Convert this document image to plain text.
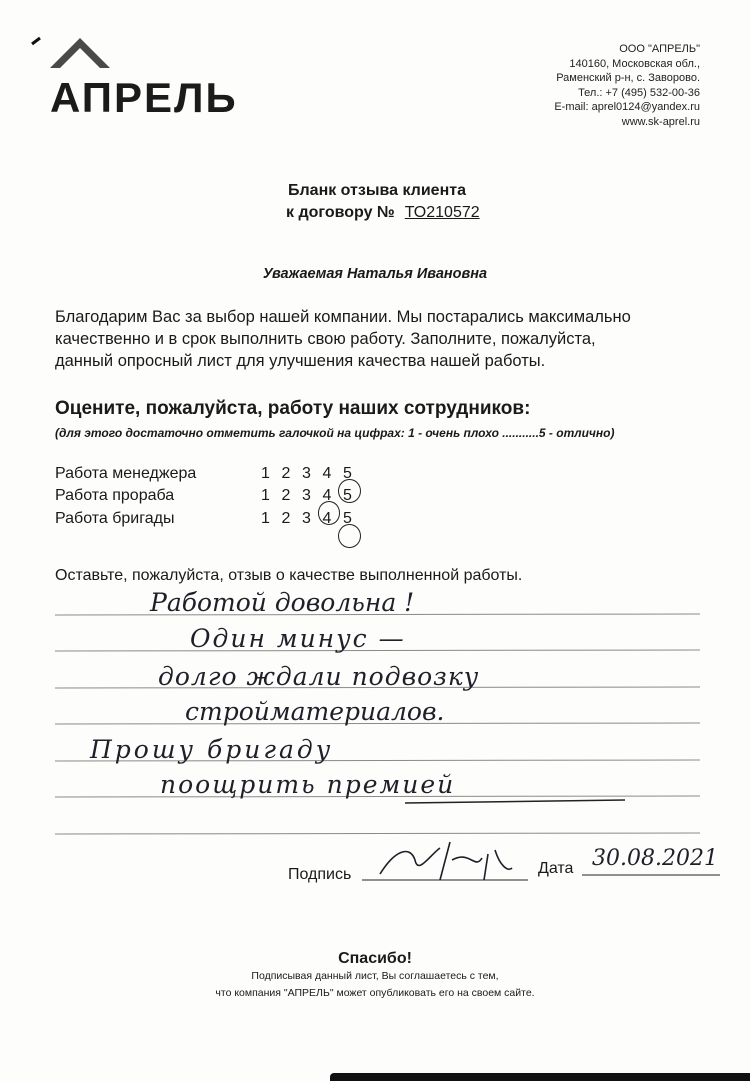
АПРЕЛЬ
ООО "АПРЕЛЬ"
140160, Московская обл.,
Раменский р-н, с. Заворово.
Тел.: +7 (495) 532-00-36
E-mail: aprel0124@yandex.ru
www.sk-aprel.ru
Бланк отзыва клиента
к договору № ТО210572
Уважаемая Наталья Ивановна
Благодарим Вас за выбор нашей компании. Мы постарались максимально
качественно и в срок выполнить свою работу. Заполните, пожалуйста,
данный опросный лист для улучшения качества нашей работы.
Оцените, пожалуйста, работу наших сотрудников:
(для этого достаточно отметить галочкой на цифрах: 1 - очень плохо ...........5 - отлично)
Работа менеджера	1 2 3 4 5
Работа прораба	1 2 3 4 5
Работа бригады	1 2 3 4 5
Оставьте, пожалуйста, отзыв о качестве выполненной работы.
Работой довольна !
Один минус —
долго ждали подвозку
стройматериалов.
Прошу бригаду
поощрить премией
Подпись	Дата 30.08.2021
Спасибо!
Подписывая данный лист, Вы соглашаетесь с тем,
что компания "АПРЕЛЬ" может опубликовать его на своем сайте.
